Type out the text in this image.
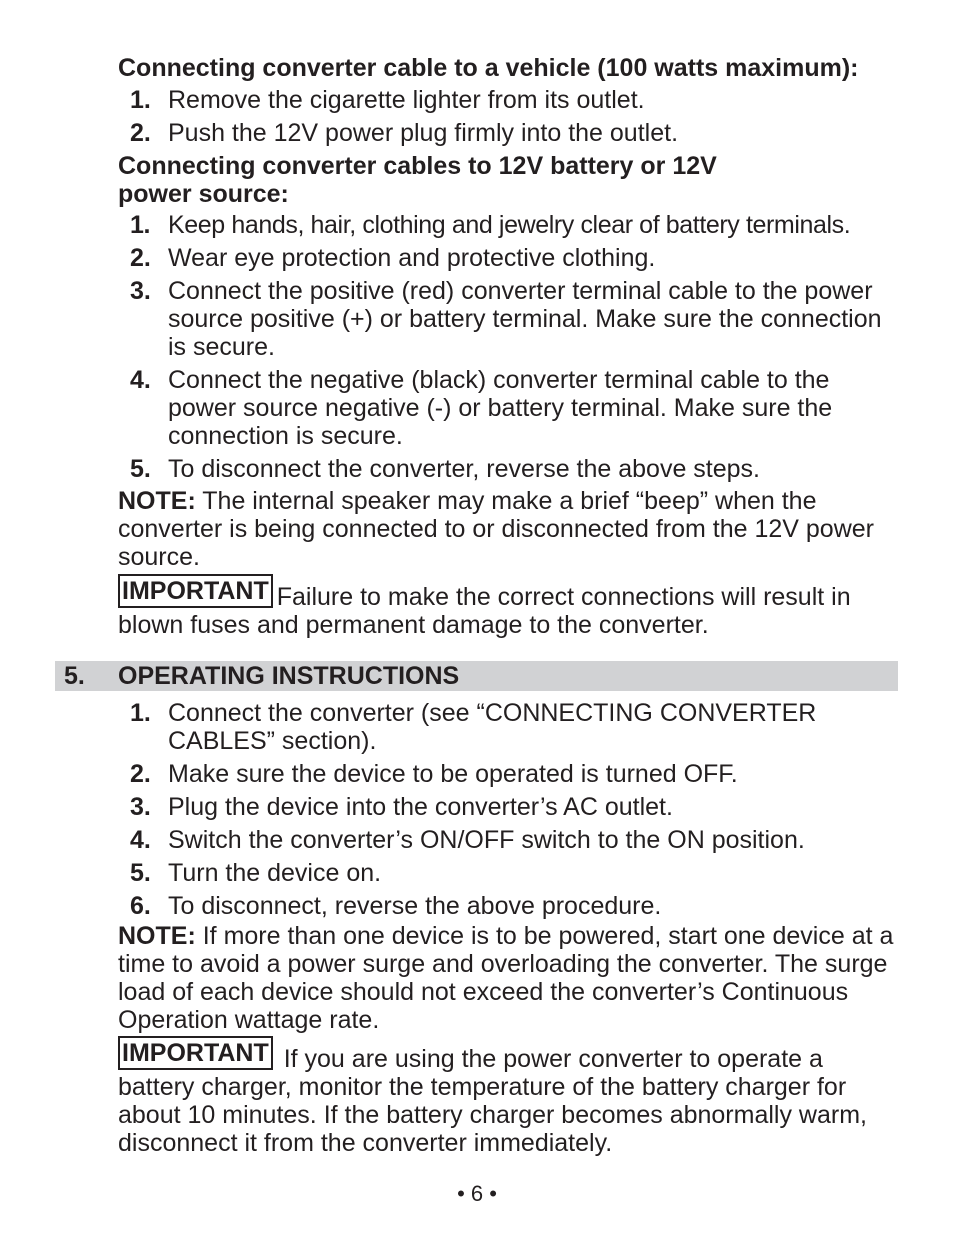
Connecting converter cable to a vehicle (100 watts maximum):
1. Remove the cigarette lighter from its outlet.
2. Push the 12V power plug firmly into the outlet.
Connecting converter cables to 12V battery or 12V
power source:
1. Keep hands, hair, clothing and jewelry clear of battery terminals.
2. Wear eye protection and protective clothing.
3. Connect the positive (red) converter terminal cable to the power source positive (+) or battery terminal. Make sure the connection is secure.
4. Connect the negative (black) converter terminal cable to the power source negative (-) or battery terminal. Make sure the connection is secure.
5. To disconnect the converter, reverse the above steps.
NOTE: The internal speaker may make a brief “beep” when the converter is being connected to or disconnected from the 12V power source.
IMPORTANT Failure to make the correct connections will result in blown fuses and permanent damage to the converter.
5. OPERATING INSTRUCTIONS
1. Connect the converter (see “CONNECTING CONVERTER CABLES” section).
2. Make sure the device to be operated is turned OFF.
3. Plug the device into the converter’s AC outlet.
4. Switch the converter’s ON/OFF switch to the ON position.
5. Turn the device on.
6. To disconnect, reverse the above procedure.
NOTE: If more than one device is to be powered, start one device at a time to avoid a power surge and overloading the converter. The surge load of each device should not exceed the converter’s Continuous Operation wattage rate.
IMPORTANT If you are using the power converter to operate a battery charger, monitor the temperature of the battery charger for about 10 minutes. If the battery charger becomes abnormally warm, disconnect it from the converter immediately.
• 6 •
